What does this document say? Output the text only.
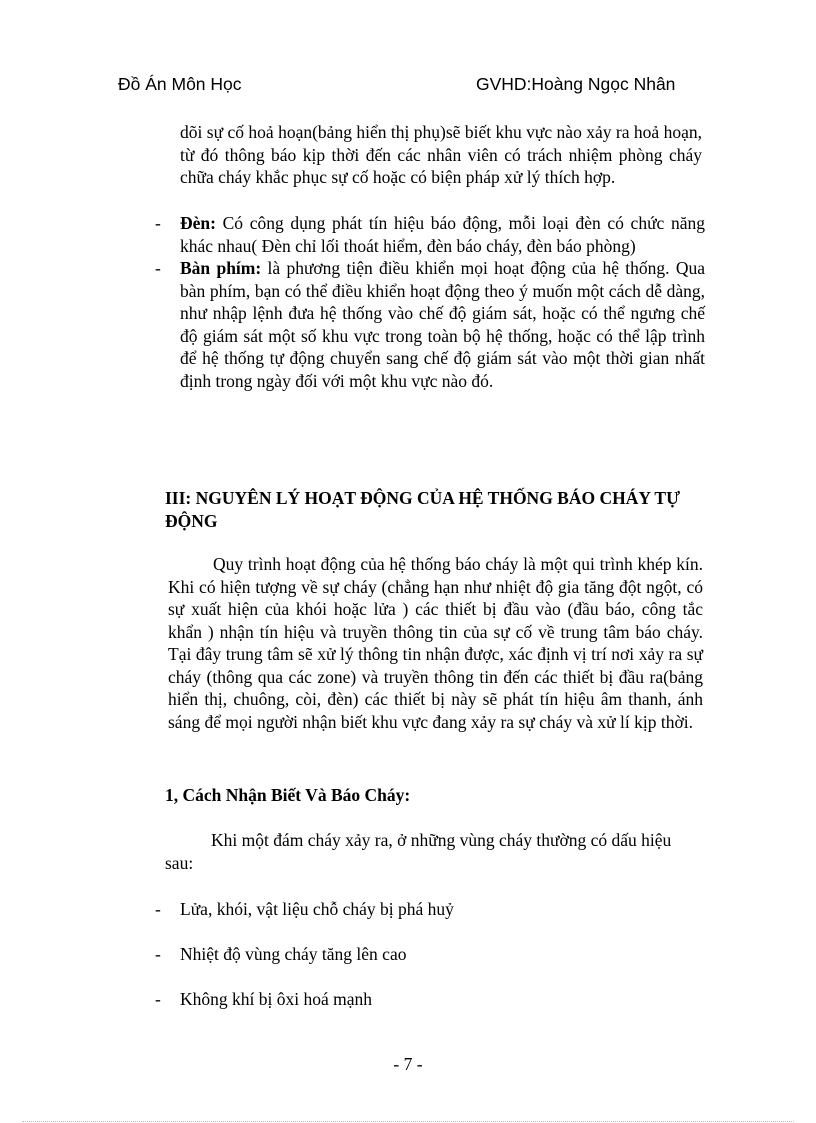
Đồ Án Môn Học	GVHD:Hoàng Ngọc Nhân
dõi sự cố hoả hoạn(bảng hiển thị phụ)sẽ biết khu vực nào xảy ra hoả hoạn, từ đó thông báo kịp thời đến các nhân viên có trách nhiệm phòng cháy chữa cháy khắc phục sự cố hoặc có biện pháp xử lý thích hợp.
- Đèn: Có công dụng phát tín hiệu báo động, mỗi loại đèn có chức năng khác nhau( Đèn chỉ lối thoát hiểm, đèn báo cháy, đèn báo phòng)
- Bàn phím: là phương tiện điều khiển mọi hoạt động của hệ thống. Qua bàn phím, bạn có thể điều khiển hoạt động theo ý muốn một cách dễ dàng, như nhập lệnh đưa hệ thống vào chế độ giám sát, hoặc có thể ngưng chế độ giám sát một số khu vực trong toàn bộ hệ thống, hoặc có thể lập trình để hệ thống tự động chuyển sang chế độ giám sát vào một thời gian nhất định trong ngày đối với một khu vực nào đó.
III: NGUYÊN LÝ HOẠT ĐỘNG CỦA HỆ THỐNG BÁO CHÁY TỰ ĐỘNG
Quy trình hoạt động của hệ thống báo cháy là một qui trình khép kín. Khi có hiện tượng về sự cháy (chẳng hạn như nhiệt độ gia tăng đột ngột, có sự xuất hiện của khói hoặc lửa ) các thiết bị đầu vào (đầu báo, công tắc khẩn ) nhận tín hiệu và truyền thông tin của sự cố về trung tâm báo cháy. Tại đây trung tâm sẽ xử lý thông tin nhận được, xác định vị trí nơi xảy ra sự cháy (thông qua các zone) và truyền thông tin đến các thiết bị đầu ra(bảng hiển thị, chuông, còi, đèn) các thiết bị này sẽ phát tín hiệu âm thanh, ánh sáng để mọi người nhận biết khu vực đang xảy ra sự cháy và xử lí kịp thời.
1, Cách Nhận Biết Và Báo Cháy:
Khi một đám cháy xảy ra, ở những vùng cháy thường có dấu hiệu sau:
- Lửa, khói, vật liệu chỗ cháy bị phá huỷ
- Nhiệt độ vùng cháy tăng lên cao
- Không khí bị ôxi hoá mạnh
- 7 -
